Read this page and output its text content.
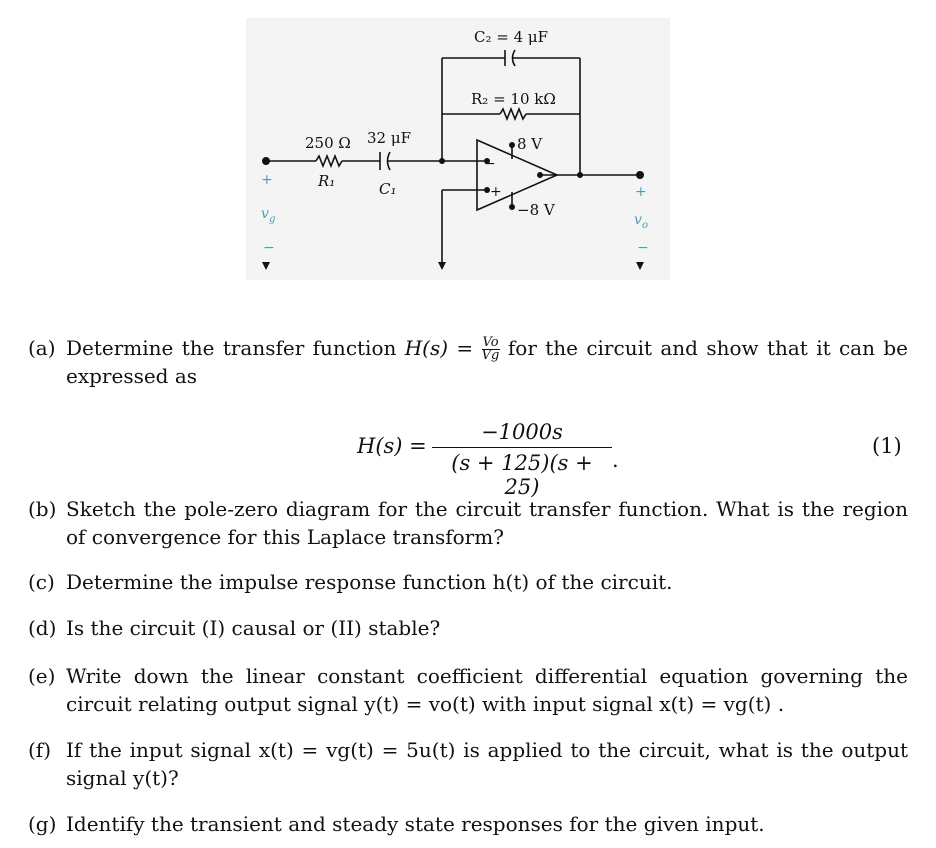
C₂ = 4 μF
R₂ = 10 kΩ
250 Ω
R₁
32 μF
C₁
8 V
−8 V
−
+
+
v g
−
+
v o
−
(a) Determine the transfer function $H(s) = \frac{Vo}{Vg}$ for the circuit and show that it can be expressed as
$H(s) = \frac{-1000s}{(s + 125)(s + 25)}$ .
(1)
(b) Sketch the pole-zero diagram for the circuit transfer function. What is the region of convergence for this Laplace transform?
(c) Determine the impulse response function h(t) of the circuit.
(d) Is the circuit (I) causal or (II) stable?
(e) Write down the linear constant coefficient differential equation governing the circuit relating output signal y(t) = vo(t) with input signal x(t) = vg(t) .
(f) If the input signal x(t) = vg(t) = 5u(t) is applied to the circuit, what is the output signal y(t)?
(g) Identify the transient and steady state responses for the given input.
